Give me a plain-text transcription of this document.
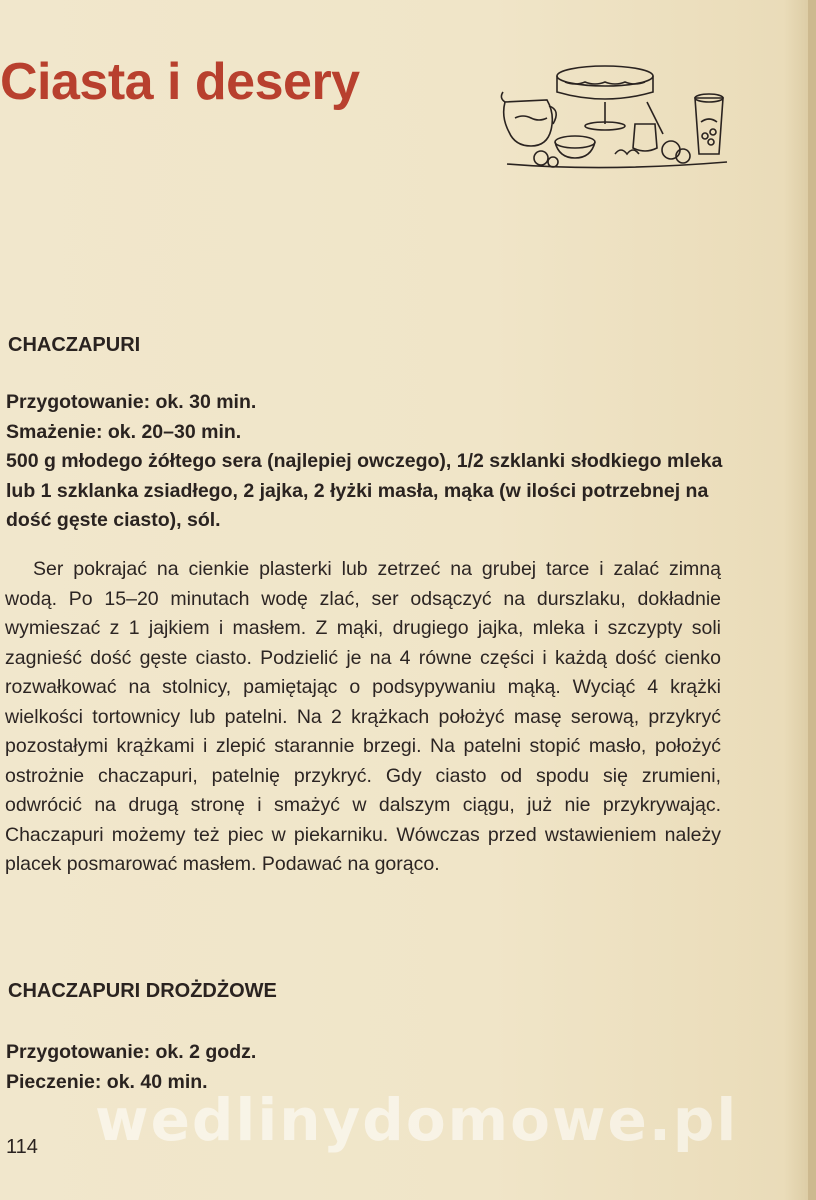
Ciasta i desery
CHACZAPURI
Przygotowanie: ok. 30 min.
Smażenie: ok. 20–30 min.
500 g młodego żółtego sera (najlepiej owczego), 1/2 szklanki słodkiego mleka lub 1 szklanka zsiadłego, 2 jajka, 2 łyżki masła, mąka (w ilości potrzebnej na dość gęste ciasto), sól.

Ser pokrajać na cienkie plasterki lub zetrzeć na grubej tarce i zalać zimną wodą. Po 15–20 minutach wodę zlać, ser odsączyć na durszlaku, dokładnie wymieszać z 1 jajkiem i masłem. Z mąki, drugiego jajka, mleka i szczypty soli zagnieść dość gęste ciasto. Podzielić je na 4 równe części i każdą dość cienko rozwałkować na stolnicy, pamiętając o podsypywaniu mąką. Wyciąć 4 krążki wielkości tortownicy lub patelni. Na 2 krążkach położyć masę serową, przykryć pozostałymi krążkami i zlepić starannie brzegi. Na patelni stopić masło, położyć ostrożnie chaczapuri, patelnię przykryć. Gdy ciasto od spodu się zrumieni, odwrócić na drugą stronę i smażyć w dalszym ciągu, już nie przykrywając. Chaczapuri możemy też piec w piekarniku. Wówczas przed wstawieniem należy placek posmarować masłem. Podawać na gorąco.

CHACZAPURI DROŻDŻOWE
Przygotowanie: ok. 2 godz.
Pieczenie: ok. 40 min.
wedlinydomowe.pl
114
